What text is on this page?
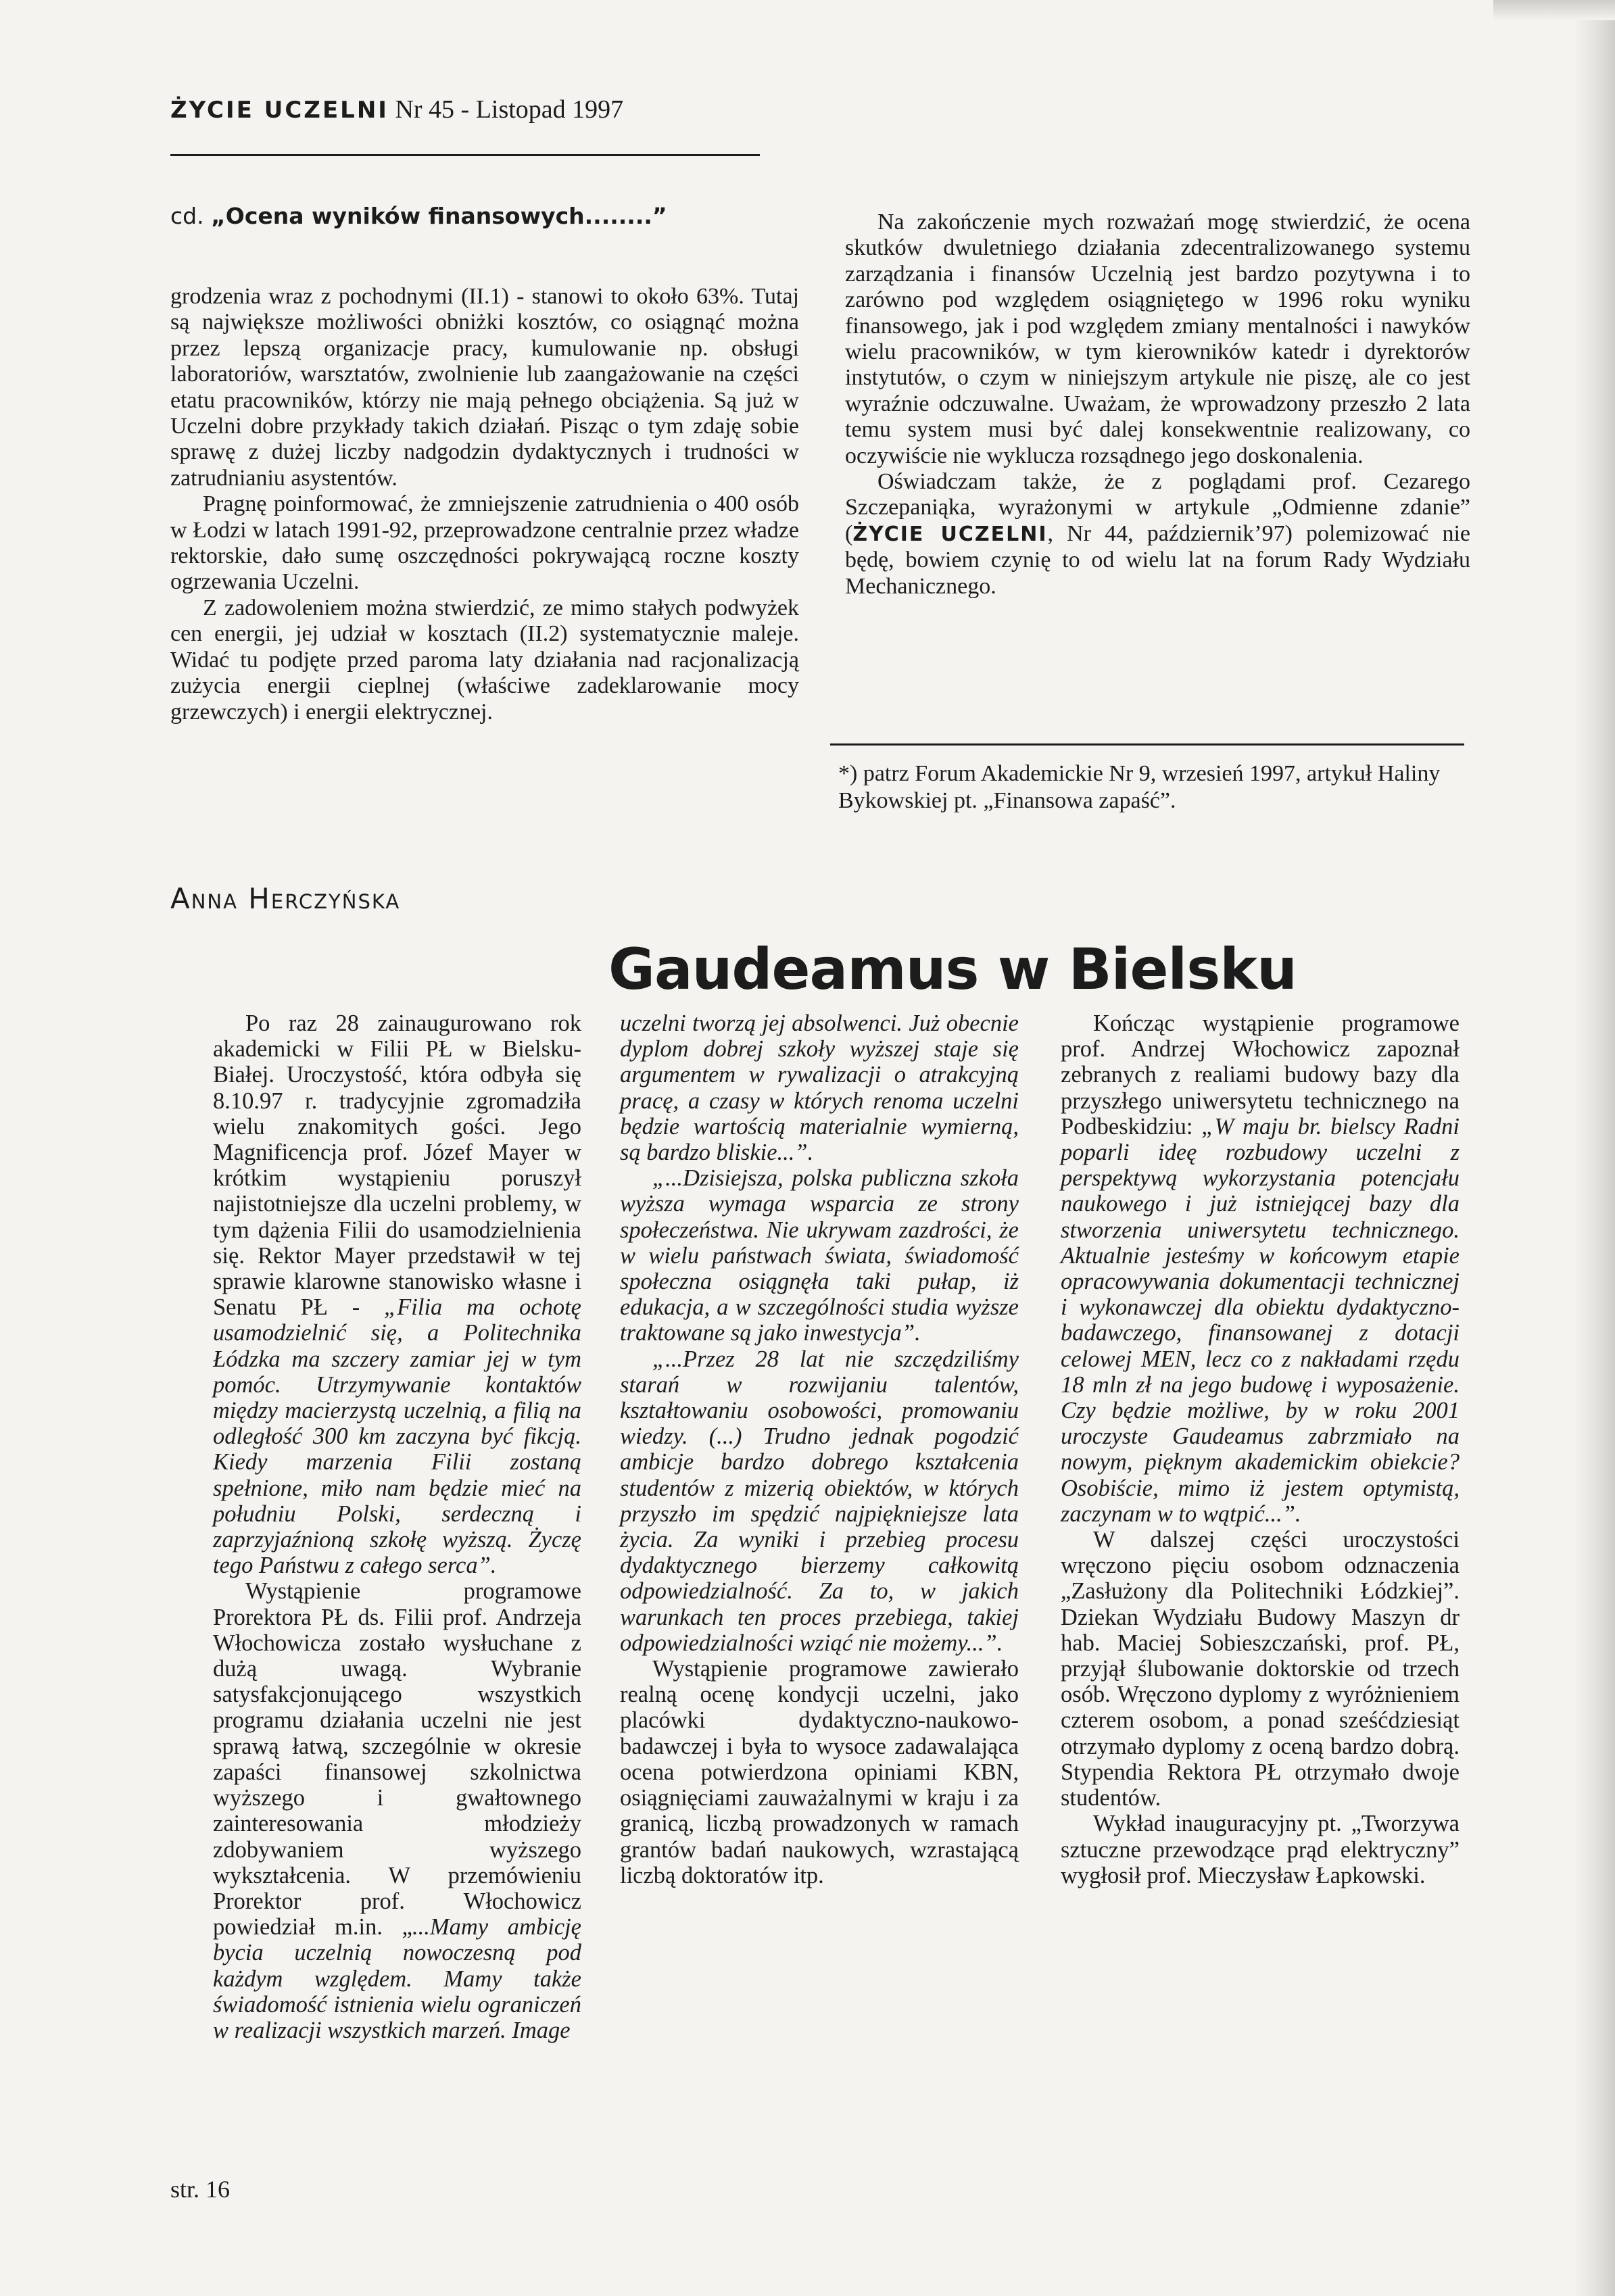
ŻYCIE UCZELNI Nr 45 - Listopad 1997
cd. „Ocena wyników finansowych........”

grodzenia wraz z pochodnymi (II.1) - stanowi to około 63%. Tutaj są największe możliwości obniżki kosztów, co osiągnąć można przez lepszą organizacje pracy, kumulowanie np. obsługi laboratoriów, warsztatów, zwolnienie lub zaangażowanie na części etatu pracowników, którzy nie mają pełnego obciążenia. Są już w Uczelni dobre przykłady takich działań. Pisząc o tym zdaję sobie sprawę z dużej liczby nadgodzin dydaktycznych i trudności w zatrudnianiu asystentów.

Pragnę poinformować, że zmniejszenie zatrudnienia o 400 osób w Łodzi w latach 1991-92, przeprowadzone centralnie przez władze rektorskie, dało sumę oszczędności pokrywającą roczne koszty ogrzewania Uczelni.

Z zadowoleniem można stwierdzić, ze mimo stałych podwyżek cen energii, jej udział w kosztach (II.2) systematycznie maleje. Widać tu podjęte przed paroma laty działania nad racjonalizacją zużycia energii cieplnej (właściwe zadeklarowanie mocy grzewczych) i energii elektrycznej.

Na zakończenie mych rozważań mogę stwierdzić, że ocena skutków dwuletniego działania zdecentralizowanego systemu zarządzania i finansów Uczelnią jest bardzo pozytywna i to zarówno pod względem osiągniętego w 1996 roku wyniku finansowego, jak i pod względem zmiany mentalności i nawyków wielu pracowników, w tym kierowników katedr i dyrektorów instytutów, o czym w niniejszym artykule nie piszę, ale co jest wyraźnie odczuwalne. Uważam, że wprowadzony przeszło 2 lata temu system musi być dalej konsekwentnie realizowany, co oczywiście nie wyklucza rozsądnego jego doskonalenia.

Oświadczam także, że z poglądami prof. Cezarego Szczepaniąka, wyrażonymi w artykule „Odmienne zdanie” (ŻYCIE UCZELNI, Nr 44, październik’97) polemizować nie będę, bowiem czynię to od wielu lat na forum Rady Wydziału Mechanicznego.

*) patrz Forum Akademickie Nr 9, wrzesień 1997, artykuł Haliny Bykowskiej pt. „Finansowa zapaść”.
Anna Herczyńska
Gaudeamus w Bielsku

Po raz 28 zainaugurowano rok akademicki w Filii PŁ w Bielsku-Białej. Uroczystość, która odbyła się 8.10.97 r. tradycyjnie zgromadziła wielu znakomitych gości. Jego Magnificencja prof. Józef Mayer w krótkim wystąpieniu poruszył najistotniejsze dla uczelni problemy, w tym dążenia Filii do usamodzielnienia się. Rektor Mayer przedstawił w tej sprawie klarowne stanowisko własne i Senatu PŁ - „Filia ma ochotę usamodzielnić się, a Politechnika Łódzka ma szczery zamiar jej w tym pomóc. Utrzymywanie kontaktów między macierzystą uczelnią, a filią na odległość 300 km zaczyna być fikcją. Kiedy marzenia Filii zostaną spełnione, miło nam będzie mieć na południu Polski, serdeczną i zaprzyjaźnioną szkołę wyższą. Życzę tego Państwu z całego serca”.

Wystąpienie programowe Prorektora PŁ ds. Filii prof. Andrzeja Włochowicza zostało wysłuchane z dużą uwagą. Wybranie satysfakcjonującego wszystkich programu działania uczelni nie jest sprawą łatwą, szczególnie w okresie zapaści finansowej szkolnictwa wyższego i gwałtownego zainteresowania młodzieży zdobywaniem wyższego wykształcenia. W przemówieniu Prorektor prof. Włochowicz powiedział m.in. „...Mamy ambicję bycia uczelnią nowoczesną pod każdym względem. Mamy także świadomość istnienia wielu ograniczeń w realizacji wszystkich marzeń. Image

uczelni tworzą jej absolwenci. Już obecnie dyplom dobrej szkoły wyższej staje się argumentem w rywalizacji o atrakcyjną pracę, a czasy w których renoma uczelni będzie wartością materialnie wymierną, są bardzo bliskie...”.

„...Dzisiejsza, polska publiczna szkoła wyższa wymaga wsparcia ze strony społeczeństwa. Nie ukrywam zazdrości, że w wielu państwach świata, świadomość społeczna osiągnęła taki pułap, iż edukacja, a w szczególności studia wyższe traktowane są jako inwestycja”.

„...Przez 28 lat nie szczędziliśmy starań w rozwijaniu talentów, kształtowaniu osobowości, promowaniu wiedzy. (...) Trudno jednak pogodzić ambicje bardzo dobrego kształcenia studentów z mizerią obiektów, w których przyszło im spędzić najpiękniejsze lata życia. Za wyniki i przebieg procesu dydaktycznego bierzemy całkowitą odpowiedzialność. Za to, w jakich warunkach ten proces przebiega, takiej odpowiedzialności wziąć nie możemy...”.

Wystąpienie programowe zawierało realną ocenę kondycji uczelni, jako placówki dydaktyczno-naukowo-badawczej i była to wysoce zadawalająca ocena potwierdzona opiniami KBN, osiągnięciami zauważalnymi w kraju i za granicą, liczbą prowadzonych w ramach grantów badań naukowych, wzrastającą liczbą doktoratów itp.

Kończąc wystąpienie programowe prof. Andrzej Włochowicz zapoznał zebranych z realiami budowy bazy dla przyszłego uniwersytetu technicznego na Podbeskidziu: „W maju br. bielscy Radni poparli ideę rozbudowy uczelni z perspektywą wykorzystania potencjału naukowego i już istniejącej bazy dla stworzenia uniwersytetu technicznego. Aktualnie jesteśmy w końcowym etapie opracowywania dokumentacji technicznej i wykonawczej dla obiektu dydaktyczno-badawczego, finansowanej z dotacji celowej MEN, lecz co z nakładami rzędu 18 mln zł na jego budowę i wyposażenie. Czy będzie możliwe, by w roku 2001 uroczyste Gaudeamus zabrzmiało na nowym, pięknym akademickim obiekcie? Osobiście, mimo iż jestem optymistą, zaczynam w to wątpić...”.

W dalszej części uroczystości wręczono pięciu osobom odznaczenia „Zasłużony dla Politechniki Łódzkiej”. Dziekan Wydziału Budowy Maszyn dr hab. Maciej Sobieszczański, prof. PŁ, przyjął ślubowanie doktorskie od trzech osób. Wręczono dyplomy z wyróżnieniem czterem osobom, a ponad sześćdziesiąt otrzymało dyplomy z oceną bardzo dobrą. Stypendia Rektora PŁ otrzymało dwoje studentów.

Wykład inauguracyjny pt. „Tworzywa sztuczne przewodzące prąd elektryczny” wygłosił prof. Mieczysław Łapkowski.

str. 16
